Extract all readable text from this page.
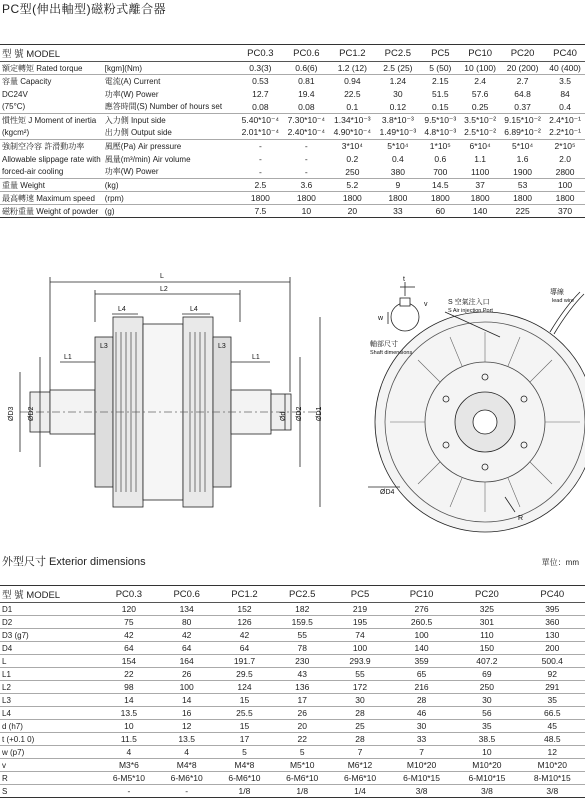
PC型(伸出軸型)磁粉式離合器
型 號 MODEL		PC0.3	PC0.6	PC1.2	PC2.5	PC5	PC10	PC20	PC40
額定轉矩 Rated torque	[kgm](Nm)	0.3(3)	0.6(6)	1.2 (12)	2.5 (25)	5 (50)	10 (100)	20 (200)	40 (400)
容量 Capacity	電流(A) Current	0.53	0.81	0.94	1.24	2.15	2.4	2.7	3.5
DC24V	功率(W) Power	12.7	19.4	22.5	30	51.5	57.6	64.8	84
(75°C)	應答時間(S) Number of hours set	0.08	0.08	0.1	0.12	0.15	0.25	0.37	0.4
慣性矩 J Moment of inertia	入力側 Input side	5.40*10⁻⁴	7.30*10⁻⁴	1.34*10⁻³	3.8*10⁻³	9.5*10⁻³	3.5*10⁻²	9.15*10⁻²	2.4*10⁻¹
(kgcm²)	出力側 Output side	2.01*10⁻⁴	2.40*10⁻⁴	4.90*10⁻⁴	1.49*10⁻³	4.8*10⁻³	2.5*10⁻²	6.89*10⁻²	2.2*10⁻¹
強制空冷容 許滑動功率	風壓(Pa) Air pressure	-	-	3*10⁴	5*10⁴	1*10⁵	6*10⁴	5*10⁴	2*10⁵
Allowable slippage rate with	風量(m³/min) Air volume	-	-	0.2	0.4	0.6	1.1	1.6	2.0
forced-air cooling	功率(W) Power	-	-	250	380	700	1100	1900	2800
重量 Weight	(kg)	2.5	3.6	5.2	9	14.5	37	53	100
最高轉速 Maximum speed	(rpm)	1800	1800	1800	1800	1800	1800	1800	1800
磁粉重量 Weight of powder	(g)	7.5	10	20	33	60	140	225	370
L
L2
L4	L4
L3
L1
L3
L1
ØD3 ØD2	Ød ØD2 ØD1
t
v
w
軸部尺寸
Shaft dimensions
S 空氣注入口
S Air injection Port
導線
lead wire
ØD4
R
外型尺寸 Exterior dimensions	單位：mm
型 號 MODEL	PC0.3	PC0.6	PC1.2	PC2.5	PC5	PC10	PC20	PC40
D1	120	134	152	182	219	276	325	395
D2	75	80	126	159.5	195	260.5	301	360
D3 (g7)	42	42	42	55	74	100	110	130
D4	64	64	64	78	100	140	150	200
L	154	164	191.7	230	293.9	359	407.2	500.4
L1	22	26	29.5	43	55	65	69	92
L2	98	100	124	136	172	216	250	291
L3	14	14	15	17	30	28	30	35
L4	13.5	16	25.5	26	28	46	56	66.5
d (h7)	10	12	15	20	25	30	35	45
t (+0.1 0)	11.5	13.5	17	22	28	33	38.5	48.5
w (p7)	4	4	5	5	7	7	10	12
v	M3*6	M4*8	M4*8	M5*10	M6*12	M10*20	M10*20	M10*20
R	6-M5*10	6-M6*10	6-M6*10	6-M6*10	6-M6*10	6-M10*15	6-M10*15	8-M10*15
S	-	-	1/8	1/8	1/4	3/8	3/8	3/8
